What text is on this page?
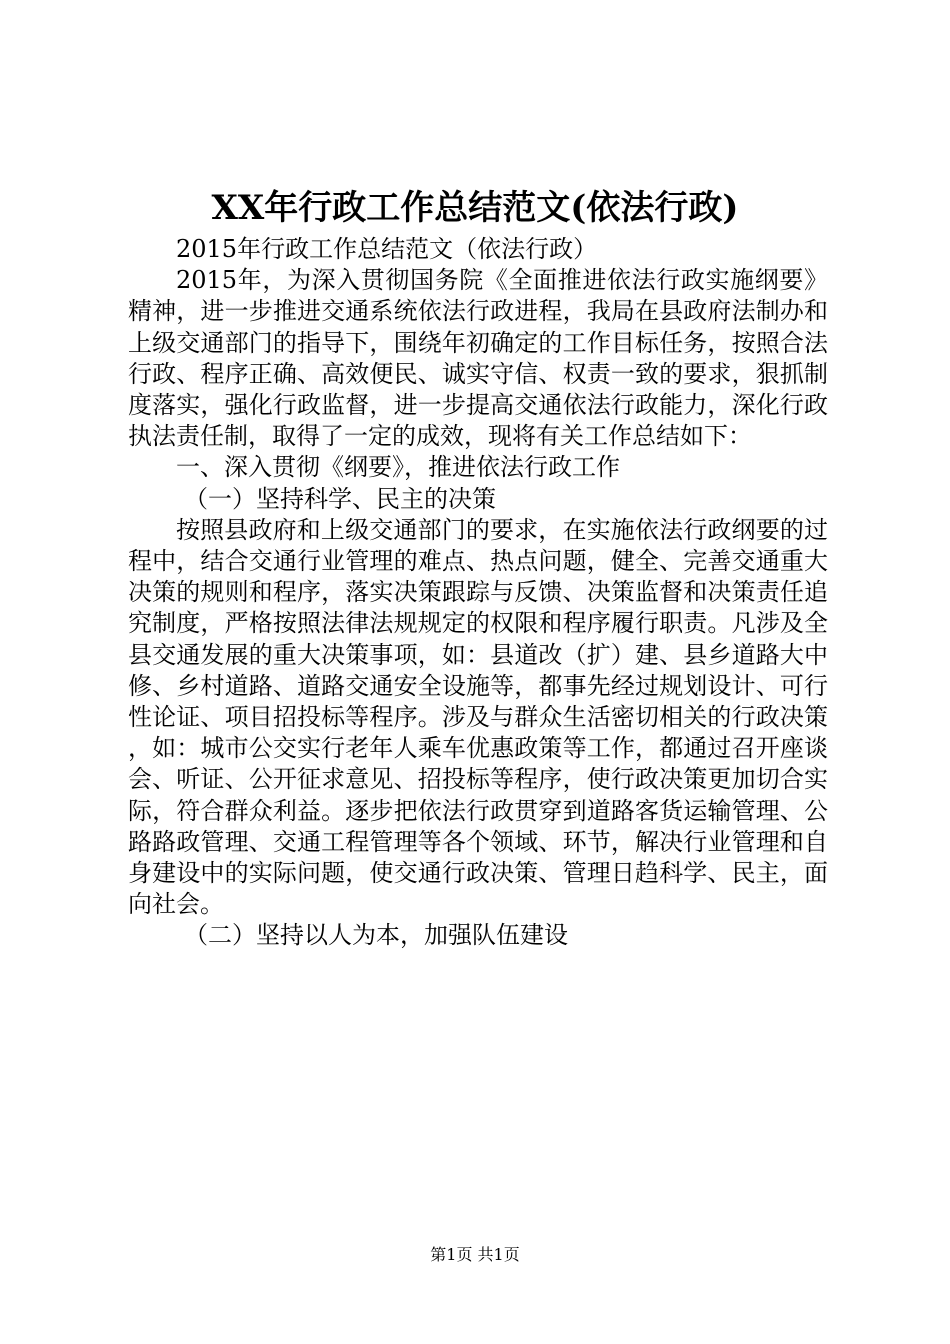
XX年行政工作总结范文(依法行政)

2015年行政工作总结范文（依法行政）

2015年，为深入贯彻国务院《全面推进依法行政实施纲要》精神，进一步推进交通系统依法行政进程，我局在县政府法制办和上级交通部门的指导下，围绕年初确定的工作目标任务，按照合法行政、程序正确、高效便民、诚实守信、权责一致的要求，狠抓制度落实，强化行政监督，进一步提高交通依法行政能力，深化行政执法责任制，取得了一定的成效，现将有关工作总结如下：

一、深入贯彻《纲要》，推进依法行政工作

（一）坚持科学、民主的决策

按照县政府和上级交通部门的要求，在实施依法行政纲要的过程中，结合交通行业管理的难点、热点问题，健全、完善交通重大决策的规则和程序，落实决策跟踪与反馈、决策监督和决策责任追究制度，严格按照法律法规规定的权限和程序履行职责。凡涉及全县交通发展的重大决策事项，如：县道改（扩）建、县乡道路大中修、乡村道路、道路交通安全设施等，都事先经过规划设计、可行性论证、项目招投标等程序。涉及与群众生活密切相关的行政决策，如：城市公交实行老年人乘车优惠政策等工作，都通过召开座谈会、听证、公开征求意见、招投标等程序，使行政决策更加切合实际，符合群众利益。逐步把依法行政贯穿到道路客货运输管理、公路路政管理、交通工程管理等各个领域、环节，解决行业管理和自身建设中的实际问题，使交通行政决策、管理日趋科学、民主，面向社会。

（二）坚持以人为本，加强队伍建设

第1页 共1页
